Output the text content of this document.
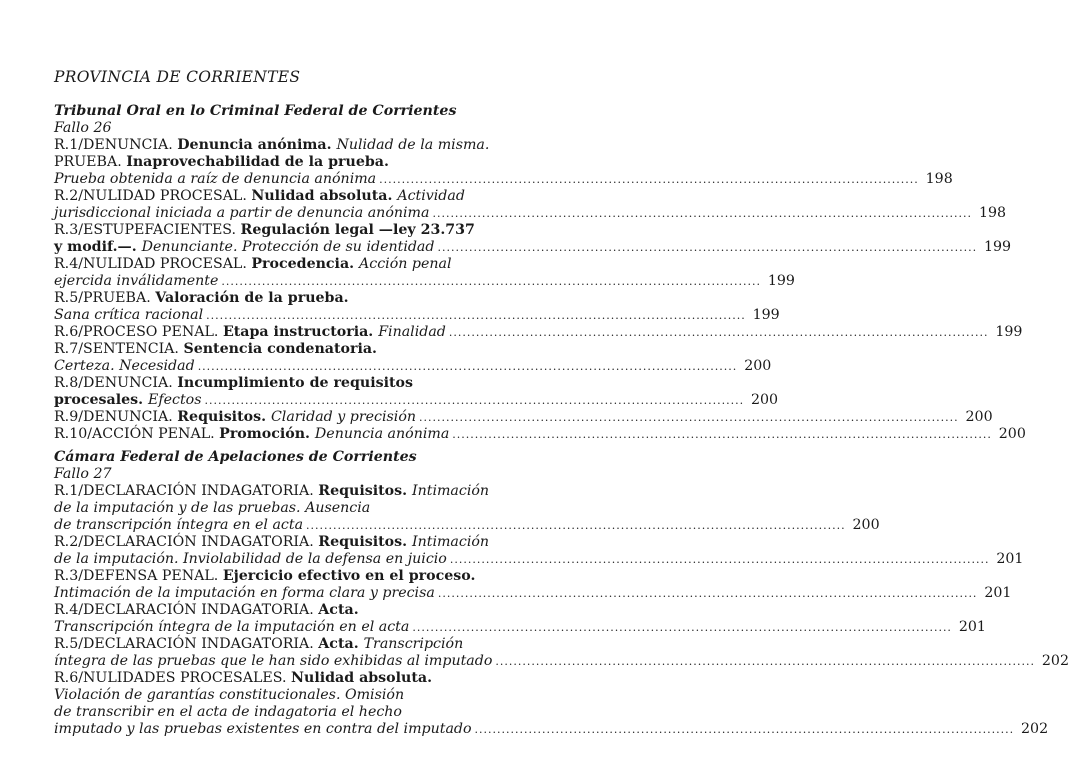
PROVINCIA DE CORRIENTES
Tribunal Oral en lo Criminal Federal de Corrientes
Fallo 26
R.1/DENUNCIA. Denuncia anónima. Nulidad de la misma.
PRUEBA. Inaprovechabilidad de la prueba.
Prueba obtenida a raíz de denuncia anónima ........................................................................................................................ 198
R.2/NULIDAD PROCESAL. Nulidad absoluta. Actividad
jurisdiccional iniciada a partir de denuncia anónima ........................................................................................................................ 198
R.3/ESTUPEFACIENTES. Regulación legal —ley 23.737
y modif.—. Denunciante. Protección de su identidad ........................................................................................................................ 199
R.4/NULIDAD PROCESAL. Procedencia. Acción penal
ejercida inválidamente ........................................................................................................................ 199
R.5/PRUEBA. Valoración de la prueba.
Sana crítica racional ........................................................................................................................ 199
R.6/PROCESO PENAL. Etapa instructoria. Finalidad ........................................................................................................................ 199
R.7/SENTENCIA. Sentencia condenatoria.
Certeza. Necesidad ........................................................................................................................ 200
R.8/DENUNCIA. Incumplimiento de requisitos
procesales. Efectos ........................................................................................................................ 200
R.9/DENUNCIA. Requisitos. Claridad y precisión ........................................................................................................................ 200
R.10/ACCIÓN PENAL. Promoción. Denuncia anónima ........................................................................................................................ 200
Cámara Federal de Apelaciones de Corrientes
Fallo 27
R.1/DECLARACIÓN INDAGATORIA. Requisitos. Intimación
de la imputación y de las pruebas. Ausencia
de transcripción íntegra en el acta ........................................................................................................................ 200
R.2/DECLARACIÓN INDAGATORIA. Requisitos. Intimación
de la imputación. Inviolabilidad de la defensa en juicio ........................................................................................................................ 201
R.3/DEFENSA PENAL. Ejercicio efectivo en el proceso.
Intimación de la imputación en forma clara y precisa ........................................................................................................................ 201
R.4/DECLARACIÓN INDAGATORIA. Acta.
Transcripción íntegra de la imputación en el acta ........................................................................................................................ 201
R.5/DECLARACIÓN INDAGATORIA. Acta. Transcripción
íntegra de las pruebas que le han sido exhibidas al imputado ........................................................................................................................ 202
R.6/NULIDADES PROCESALES. Nulidad absoluta.
Violación de garantías constitucionales. Omisión
de transcribir en el acta de indagatoria el hecho
imputado y las pruebas existentes en contra del imputado ........................................................................................................................ 202
